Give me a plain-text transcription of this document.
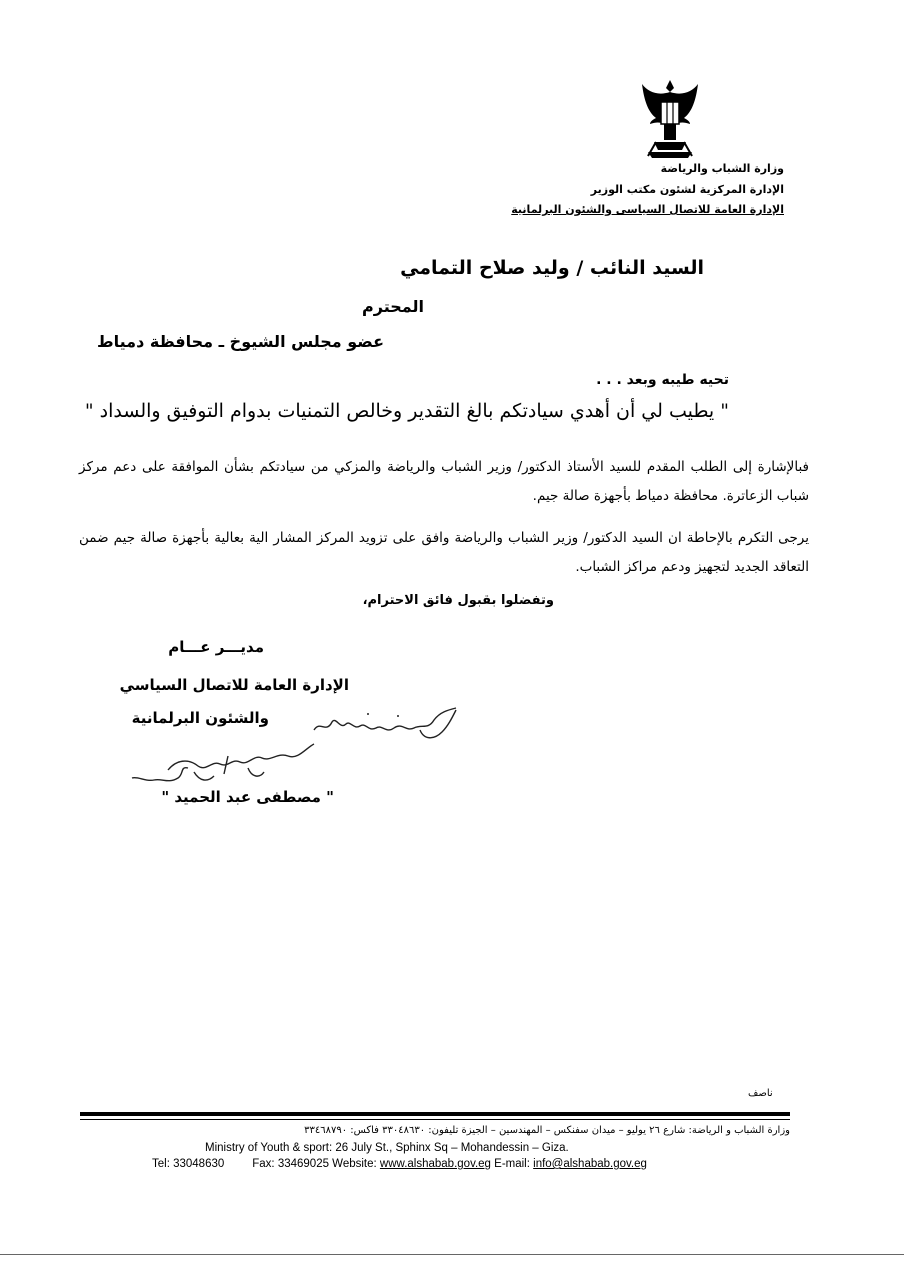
وزارة الشباب والرياضة
الإدارة المركزية لشئون مكتب الوزير
الإدارة العامة للاتصال السياسى والشئون البرلمانية
السيد النائب / وليد صلاح التمامي
المحترم
عضو مجلس الشيوخ ـ محافظة دمياط
تحيه طيبه وبعد . . .
" يطيب لي أن أهدي سيادتكم بالغ التقدير وخالص التمنيات بدوام التوفيق والسداد "
فبالإشارة إلى الطلب المقدم للسيد الأستاذ الدكتور/ وزير الشباب والرياضة والمزكي من سيادتكم بشأن الموافقة على دعم مركز شباب الزعاترة. محافظة دمياط بأجهزة صالة جيم.
يرجى التكرم بالإحاطة ان السيد الدكتور/ وزير الشباب والرياضة وافق على تزويد المركز المشار الية بعالية بأجهزة صالة جيم ضمن التعاقد الجديد لتجهيز ودعم مراكز الشباب.
وتفضلوا بقبول فائق الاحترام،
مديـــر عـــام
الإدارة العامة للاتصال السياسي
والشئون البرلمانية
" مصطفى عبد الحميد "
ناصف
وزارة الشباب و الرياضة: شارع ٢٦ يوليو – ميدان سفنكس – المهندسين – الجيزة تليفون: ٣٣٠٤٨٦٣٠ فاكس: ٣٣٤٦٨٧٩٠
Ministry of Youth & sport: 26 July St., Sphinx Sq – Mohandessin – Giza.
Tel: 33048630 Fax: 33469025 Website: www.alshabab.gov.eg E-mail: info@alshabab.gov.eg
